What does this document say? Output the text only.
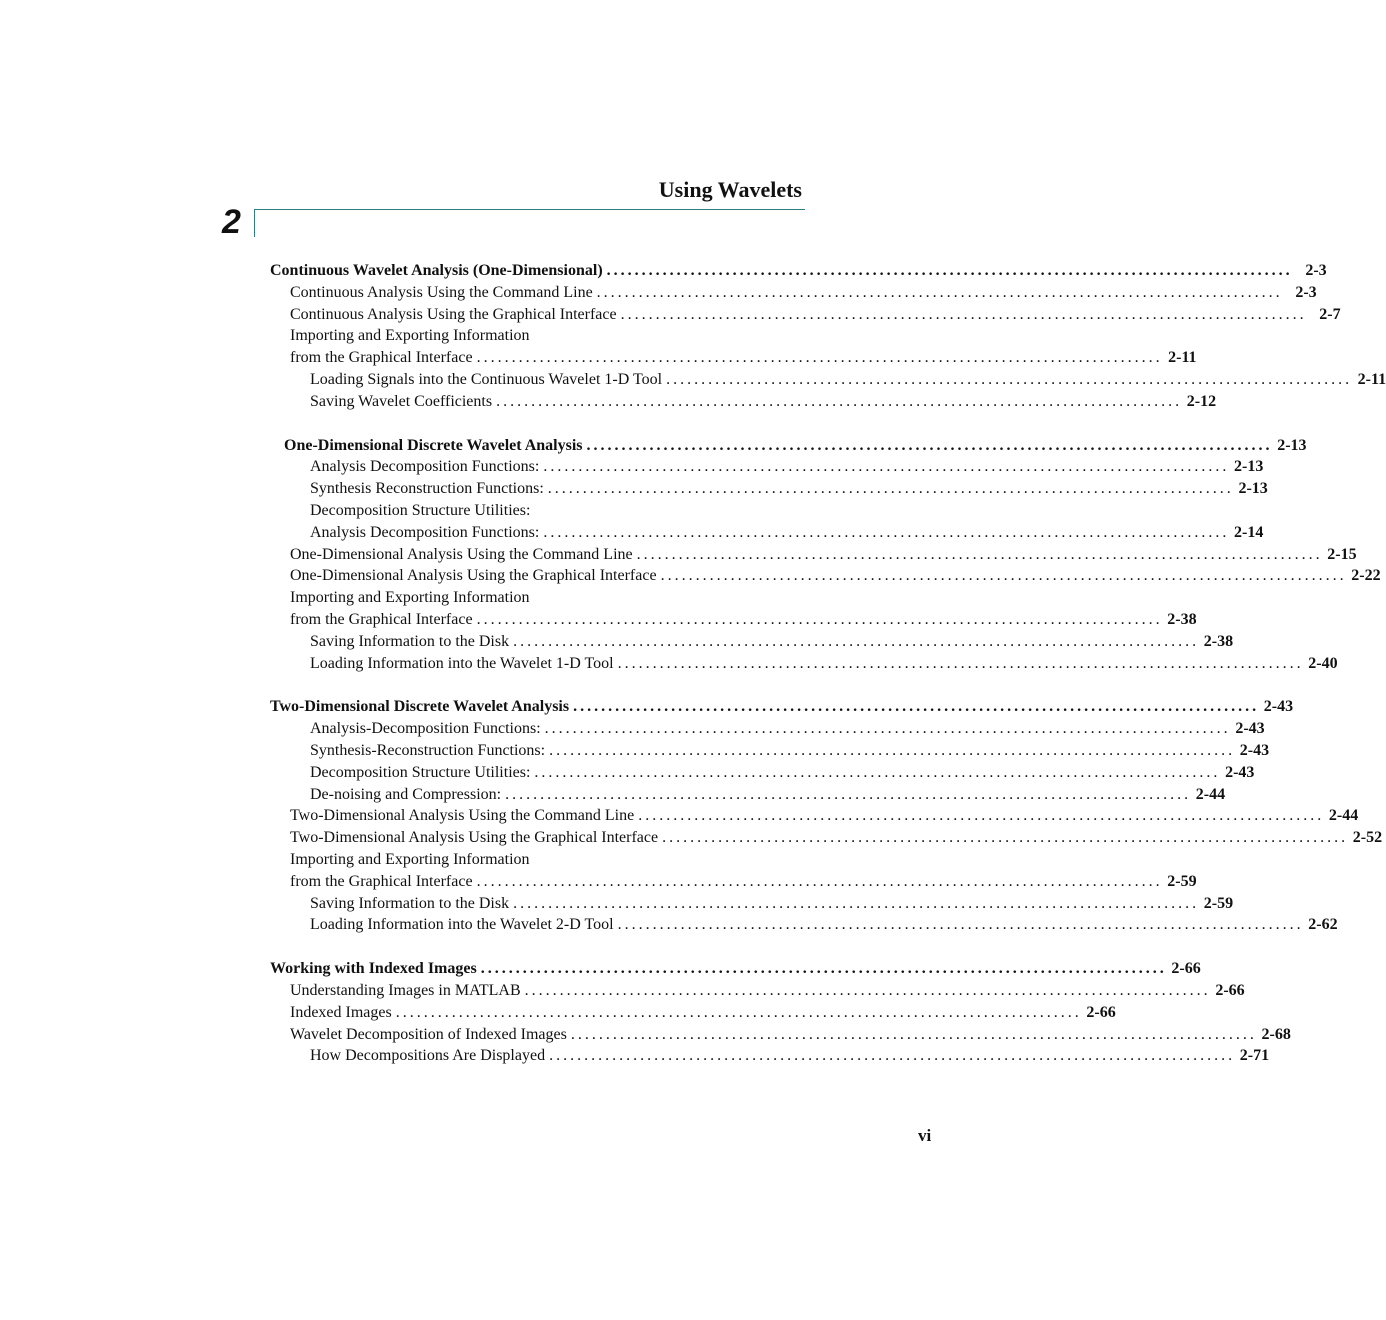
Using Wavelets
2
Continuous Wavelet Analysis (One-Dimensional) .................................................................................................. 2-3
Continuous Analysis Using the Command Line .................................................................................................. 2-3
Continuous Analysis Using the Graphical Interface .................................................................................................. 2-7
Importing and Exporting Information
from the Graphical Interface .................................................................................................. 2-11
Loading Signals into the Continuous Wavelet 1-D Tool .................................................................................................. 2-11
Saving Wavelet Coefficients .................................................................................................. 2-12
One-Dimensional Discrete Wavelet Analysis .................................................................................................. 2-13
Analysis Decomposition Functions: .................................................................................................. 2-13
Synthesis Reconstruction Functions: .................................................................................................. 2-13
Decomposition Structure Utilities:
Analysis Decomposition Functions: .................................................................................................. 2-14
One-Dimensional Analysis Using the Command Line .................................................................................................. 2-15
One-Dimensional Analysis Using the Graphical Interface .................................................................................................. 2-22
Importing and Exporting Information
from the Graphical Interface .................................................................................................. 2-38
Saving Information to the Disk .................................................................................................. 2-38
Loading Information into the Wavelet 1-D Tool .................................................................................................. 2-40
Two-Dimensional Discrete Wavelet Analysis .................................................................................................. 2-43
Analysis-Decomposition Functions: .................................................................................................. 2-43
Synthesis-Reconstruction Functions: .................................................................................................. 2-43
Decomposition Structure Utilities: .................................................................................................. 2-43
De-noising and Compression: .................................................................................................. 2-44
Two-Dimensional Analysis Using the Command Line .................................................................................................. 2-44
Two-Dimensional Analysis Using the Graphical Interface .................................................................................................. 2-52
Importing and Exporting Information
from the Graphical Interface .................................................................................................. 2-59
Saving Information to the Disk .................................................................................................. 2-59
Loading Information into the Wavelet 2-D Tool .................................................................................................. 2-62
Working with Indexed Images .................................................................................................. 2-66
Understanding Images in MATLAB .................................................................................................. 2-66
Indexed Images .................................................................................................. 2-66
Wavelet Decomposition of Indexed Images .................................................................................................. 2-68
How Decompositions Are Displayed .................................................................................................. 2-71
vi
